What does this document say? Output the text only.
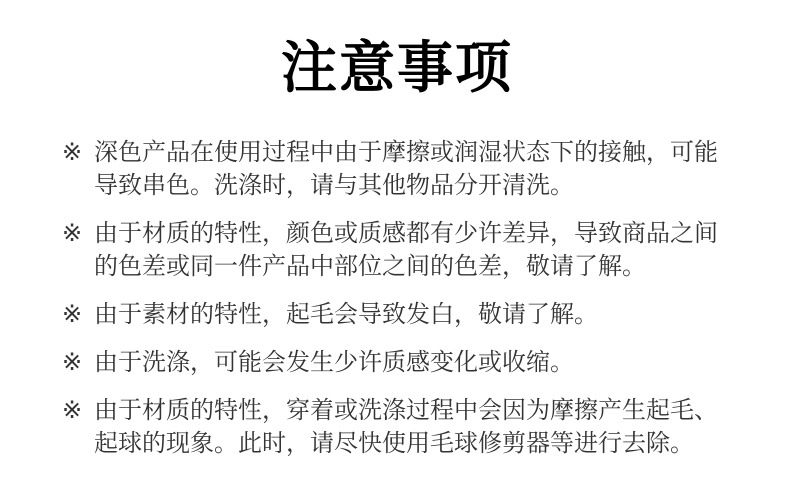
注意事项
※ 深色产品在使用过程中由于摩擦或润湿状态下的接触，可能导致串色。洗涤时，请与其他物品分开清洗。

※ 由于材质的特性，颜色或质感都有少许差异，导致商品之间的色差或同一件产品中部位之间的色差，敬请了解。

※ 由于素材的特性，起毛会导致发白，敬请了解。

※ 由于洗涤，可能会发生少许质感变化或收缩。

※ 由于材质的特性，穿着或洗涤过程中会因为摩擦产生起毛、起球的现象。此时，请尽快使用毛球修剪器等进行去除。
